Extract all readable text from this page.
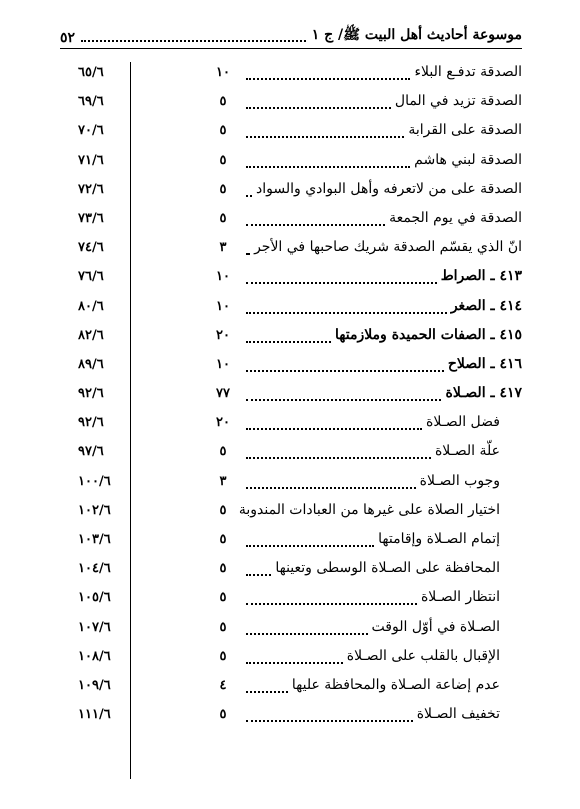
موسوعة أحاديث أهل البيت ﷺ/ ج ١
٥٢
٦٥/٦	١٠	الصدقة تدفـع البلاء
٦٩/٦	٥	الصدقة تزيد في المال
٧٠/٦	٥	الصدقة على القرابة
٧١/٦	٥	الصدقة لبني هاشم
٧٢/٦	٥	الصدقة على من لاتعرفه وأهل البوادي والسواد
٧٣/٦	٥	الصدقة في يوم الجمعة
٧٤/٦	٣	انّ الذي يقسّم الصدقة شريك صاحبها في الأجر
٧٦/٦	١٠	٤١٣ ـ الصراط
٨٠/٦	١٠	٤١٤ ـ الصغر
٨٢/٦	٢٠	٤١٥ ـ الصفات الحميدة وملازمتها
٨٩/٦	١٠	٤١٦ ـ الصلاح
٩٢/٦	٧٧	٤١٧ ـ الصـلاة
٩٢/٦	٢٠	فضل الصـلاة
٩٧/٦	٥	علّة الصـلاة
١٠٠/٦	٣	وجوب الصـلاة
١٠٢/٦	٥ اختيار الصلاة على غيرها من العبادات المندوبة
١٠٣/٦	٥	إتمام الصـلاة وإقامتها
١٠٤/٦	٥	المحافظة على الصـلاة الوسطى وتعينها
١٠٥/٦	٥	انتظار الصـلاة
١٠٧/٦	٥	الصـلاة في أوّل الوقت
١٠٨/٦	٥	الإقبال بالقلب على الصـلاة
١٠٩/٦	٤	عدم إضاعة الصـلاة والمحافظة عليها
١١١/٦	٥	تخفيف الصـلاة
